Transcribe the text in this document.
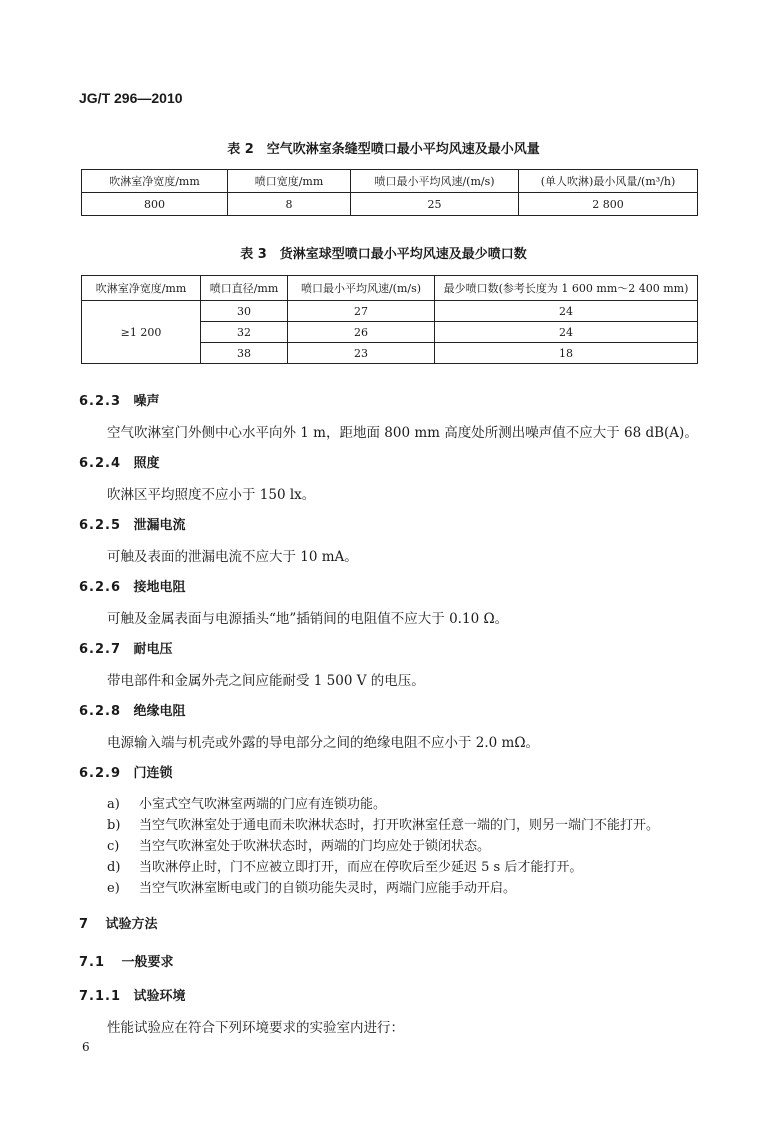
JG/T 296—2010
表 2　空气吹淋室条缝型喷口最小平均风速及最小风量
吹淋室净宽度/mm	喷口宽度/mm	喷口最小平均风速/(m/s)	(单人吹淋)最小风量/(m³/h)
800	8	25	2 800
表 3　货淋室球型喷口最小平均风速及最少喷口数
吹淋室净宽度/mm	喷口直径/mm	喷口最小平均风速/(m/s)	最少喷口数(参考长度为 1 600 mm～2 400 mm)
≥1 200	30	27	24
	32	26	24
	38	23	18
6.2.3 噪声
空气吹淋室门外侧中心水平向外 1 m，距地面 800 mm 高度处所测出噪声值不应大于 68 dB(A)。
6.2.4 照度
吹淋区平均照度不应小于 150 lx。
6.2.5 泄漏电流
可触及表面的泄漏电流不应大于 10 mA。
6.2.6 接地电阻
可触及金属表面与电源插头“地”插销间的电阻值不应大于 0.10 Ω。
6.2.7 耐电压
带电部件和金属外壳之间应能耐受 1 500 V 的电压。
6.2.8 绝缘电阻
电源输入端与机壳或外露的导电部分之间的绝缘电阻不应小于 2.0 mΩ。
6.2.9 门连锁
a) 小室式空气吹淋室两端的门应有连锁功能。
b) 当空气吹淋室处于通电而未吹淋状态时，打开吹淋室任意一端的门，则另一端门不能打开。
c) 当空气吹淋室处于吹淋状态时，两端的门均应处于锁闭状态。
d) 当吹淋停止时，门不应被立即打开，而应在停吹后至少延迟 5 s 后才能打开。
e) 当空气吹淋室断电或门的自锁功能失灵时，两端门应能手动开启。
7 试验方法
7.1 一般要求
7.1.1 试验环境
性能试验应在符合下列环境要求的实验室内进行：
6
